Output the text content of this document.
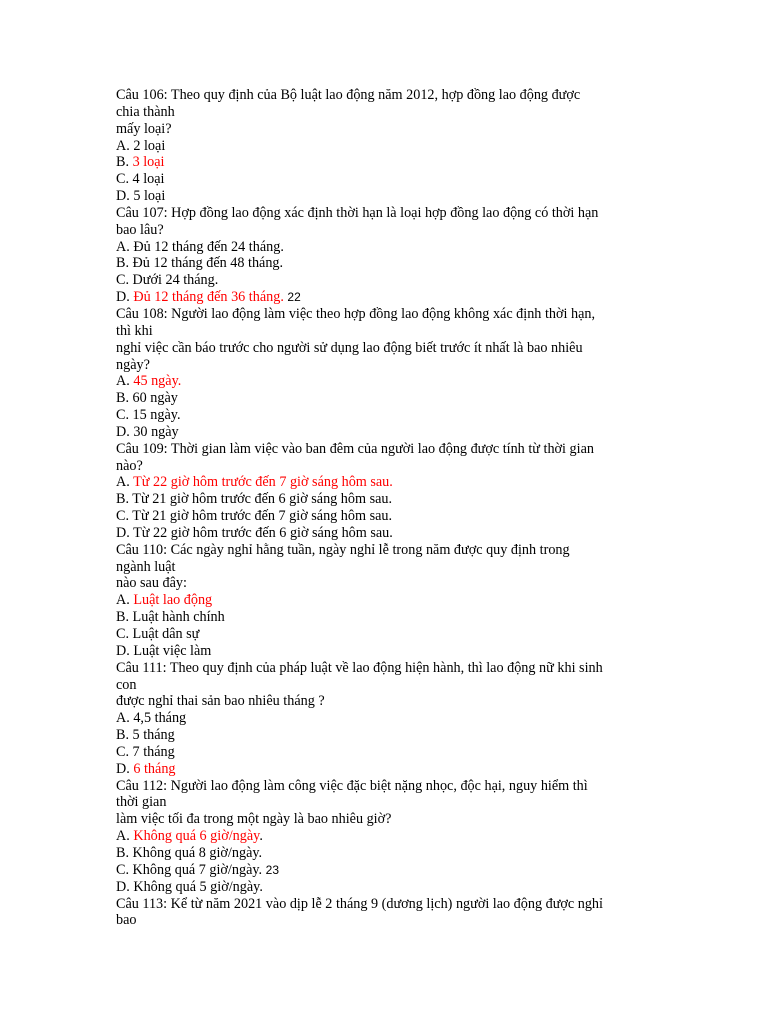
Câu 106: Theo quy định của Bộ luật lao động năm 2012, hợp đồng lao động được
chia thành
mấy loại?
A. 2 loại
B. 3 loại
C. 4 loại
D. 5 loại
Câu 107: Hợp đồng lao động xác định thời hạn là loại hợp đồng lao động có thời hạn
bao lâu?
A. Đủ 12 tháng đến 24 tháng.
B. Đủ 12 tháng đến 48 tháng.
C. Dưới 24 tháng.
D. Đủ 12 tháng đến 36 tháng. 22
Câu 108: Người lao động làm việc theo hợp đồng lao động không xác định thời hạn,
thì khi
nghỉ việc cần báo trước cho người sử dụng lao động biết trước ít nhất là bao nhiêu
ngày?
A. 45 ngày.
B. 60 ngày
C. 15 ngày.
D. 30 ngày
Câu 109: Thời gian làm việc vào ban đêm của người lao động được tính từ thời gian
nào?
A. Từ 22 giờ hôm trước đến 7 giờ sáng hôm sau.
B. Từ 21 giờ hôm trước đến 6 giờ sáng hôm sau.
C. Từ 21 giờ hôm trước đến 7 giờ sáng hôm sau.
D. Từ 22 giờ hôm trước đến 6 giờ sáng hôm sau.
Câu 110: Các ngày nghỉ hằng tuần, ngày nghỉ lễ trong năm được quy định trong
ngành luật
nào sau đây:
A. Luật lao động
B. Luật hành chính
C. Luật dân sự
D. Luật việc làm
Câu 111: Theo quy định của pháp luật về lao động hiện hành, thì lao động nữ khi sinh
con
được nghỉ thai sản bao nhiêu tháng ?
A. 4,5 tháng
B. 5 tháng
C. 7 tháng
D. 6 tháng
Câu 112: Người lao động làm công việc đặc biệt nặng nhọc, độc hại, nguy hiểm thì
thời gian
làm việc tối đa trong một ngày là bao nhiêu giờ?
A. Không quá 6 giờ/ngày.
B. Không quá 8 giờ/ngày.
C. Không quá 7 giờ/ngày. 23
D. Không quá 5 giờ/ngày.
Câu 113: Kể từ năm 2021 vào dịp lễ 2 tháng 9 (dương lịch) người lao động được nghỉ
bao
